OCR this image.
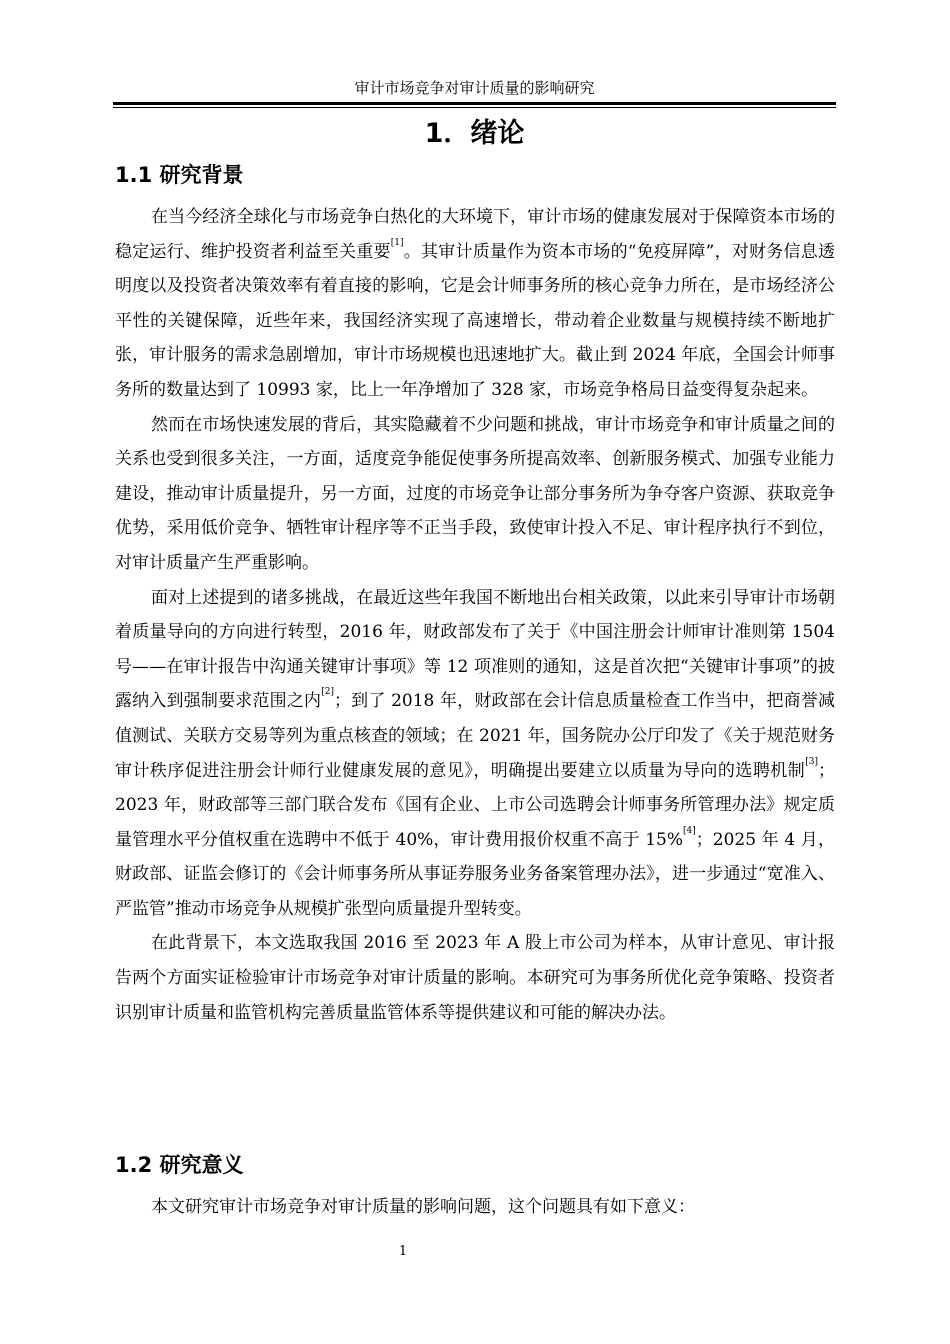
审计市场竞争对审计质量的影响研究
1．绪论
1.1 研究背景

在当今经济全球化与市场竞争白热化的大环境下，审计市场的健康发展对于保障资本市场的稳定运行、维护投资者利益至关重要[1]。其审计质量作为资本市场的“免疫屏障”，对财务信息透明度以及投资者决策效率有着直接的影响，它是会计师事务所的核心竞争力所在，是市场经济公平性的关键保障，近些年来，我国经济实现了高速增长，带动着企业数量与规模持续不断地扩张，审计服务的需求急剧增加，审计市场规模也迅速地扩大。截止到 2024 年底，全国会计师事务所的数量达到了 10993 家，比上一年净增加了 328 家，市场竞争格局日益变得复杂起来。

然而在市场快速发展的背后，其实隐藏着不少问题和挑战，审计市场竞争和审计质量之间的关系也受到很多关注，一方面，适度竞争能促使事务所提高效率、创新服务模式、加强专业能力建设，推动审计质量提升，另一方面，过度的市场竞争让部分事务所为争夺客户资源、获取竞争优势，采用低价竞争、牺牲审计程序等不正当手段，致使审计投入不足、审计程序执行不到位，对审计质量产生严重影响。

面对上述提到的诸多挑战，在最近这些年我国不断地出台相关政策，以此来引导审计市场朝着质量导向的方向进行转型，2016 年，财政部发布了关于《中国注册会计师审计准则第 1504 号——在审计报告中沟通关键审计事项》等 12 项准则的通知，这是首次把“关键审计事项”的披露纳入到强制要求范围之内[2]；到了 2018 年，财政部在会计信息质量检查工作当中，把商誉减值测试、关联方交易等列为重点核查的领域；在 2021 年，国务院办公厅印发了《关于规范财务审计秩序促进注册会计师行业健康发展的意见》，明确提出要建立以质量为导向的选聘机制[3]；2023 年，财政部等三部门联合发布《国有企业、上市公司选聘会计师事务所管理办法》规定质量管理水平分值权重在选聘中不低于 40%，审计费用报价权重不高于 15%[4]；2025 年 4 月，财政部、证监会修订的《会计师事务所从事证券服务业务备案管理办法》，进一步通过“宽准入、严监管”推动市场竞争从规模扩张型向质量提升型转变。

在此背景下，本文选取我国 2016 至 2023 年 A 股上市公司为样本，从审计意见、审计报告两个方面实证检验审计市场竞争对审计质量的影响。本研究可为事务所优化竞争策略、投资者识别审计质量和监管机构完善质量监管体系等提供建议和可能的解决办法。

1.2 研究意义

本文研究审计市场竞争对审计质量的影响问题，这个问题具有如下意义：

1
